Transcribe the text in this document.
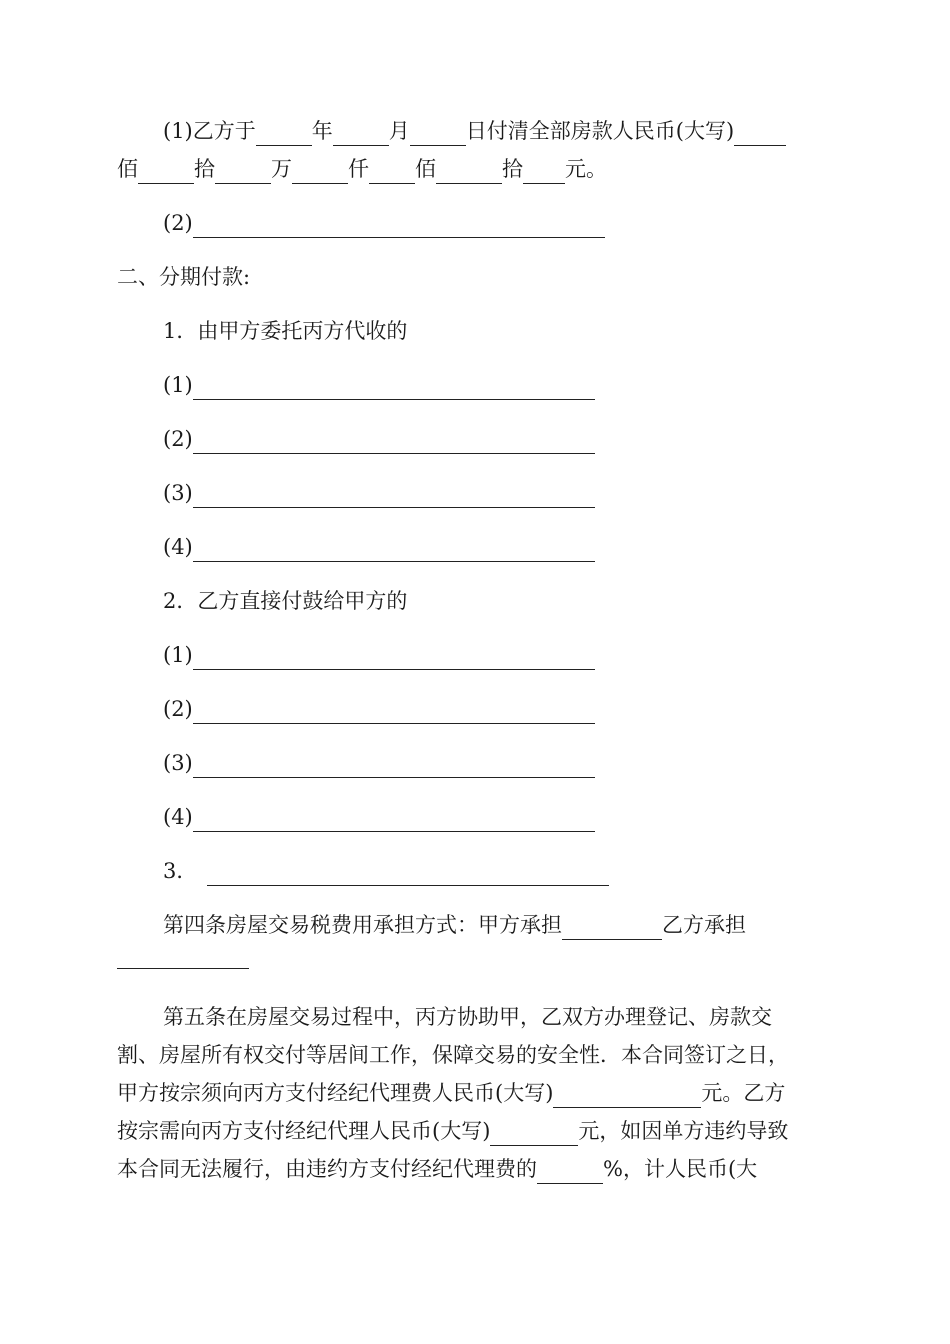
(1)乙方于	年	月	日付清全部房款人民币(大写)
佰	拾	万	仟 佰	拾 元。
(2)
二、分期付款:
1．由甲方委托丙方代收的
(1)
(2)
(3)
(4)
2．乙方直接付鼓给甲方的
(1)
(2)
(3)
(4)
3．
第四条房屋交易税费用承担方式：甲方承担	乙方承担
第五条在房屋交易过程中，丙方协助甲，乙双方办理登记、房款交
割、房屋所有权交付等居间工作，保障交易的安全性．本合同签订之日，
甲方按宗须向丙方支付经纪代理费人民币(大写)	元。乙方
按宗需向丙方支付经纪代理人民币(大写)	元，如因单方违约导致
本合同无法履行，由违约方支付经纪代理费的	%，计人民币(大
